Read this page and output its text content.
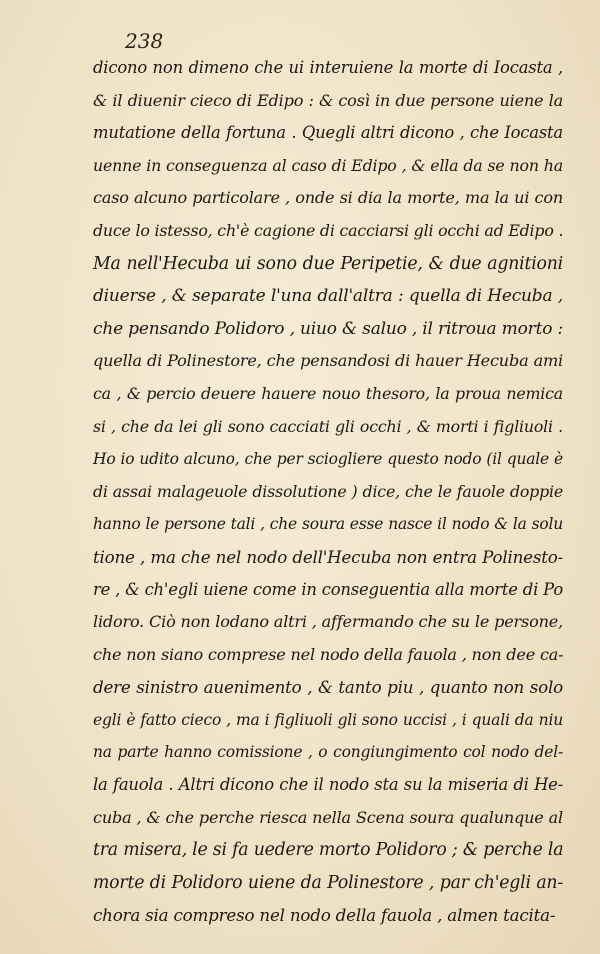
238
dicono non dimeno che ui interuiene la morte di Iocasta ,
& il diuenir cieco di Edipo : & così in due persone uiene la
mutatione della fortuna . Quegli altri dicono , che Iocasta
uenne in conseguenza al caso di Edipo , & ella da se non ha
caso alcuno particolare , onde si dia la morte, ma la ui con
duce lo istesso, ch'è cagione di cacciarsi gli occhi ad Edipo .
Ma nell'Hecuba ui sono due Peripetie, & due agnitioni
diuerse , & separate l'una dall'altra : quella di Hecuba ,
che pensando Polidoro , uiuo & saluo , il ritroua morto :
quella di Polinestore, che pensandosi di hauer Hecuba ami
ca , & percio deuere hauere nouo thesoro, la proua nemica
si , che da lei gli sono cacciati gli occhi , & morti i figliuoli .
Ho io udito alcuno, che per sciogliere questo nodo (il quale è
di assai malageuole dissolutione ) dice, che le fauole doppie
hanno le persone tali , che soura esse nasce il nodo & la solu
tione , ma che nel nodo dell'Hecuba non entra Polinesto-
re , & ch'egli uiene come in conseguentia alla morte di Po
lidoro. Ciò non lodano altri , affermando che su le persone,
che non siano comprese nel nodo della fauola , non dee ca-
dere sinistro auenimento , & tanto piu , quanto non solo
egli è fatto cieco , ma i figliuoli gli sono uccisi , i quali da niu
na parte hanno comissione , o congiungimento col nodo del-
la fauola . Altri dicono che il nodo sta su la miseria di He-
cuba , & che perche riesca nella Scena soura qualunque al
tra misera, le si fa uedere morto Polidoro ; & perche la
morte di Polidoro uiene da Polinestore , par ch'egli an-
chora sia compreso nel nodo della fauola , almen tacita-
